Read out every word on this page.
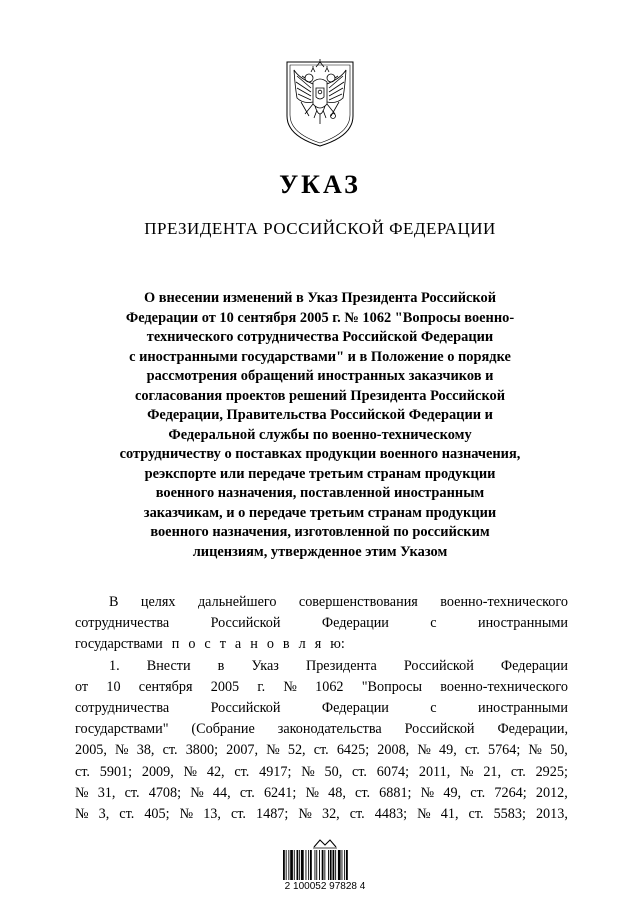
УКАЗ
ПРЕЗИДЕНТА РОССИЙСКОЙ ФЕДЕРАЦИИ
О внесении изменений в Указ Президента Российской
Федерации от 10 сентября 2005 г. № 1062 "Вопросы военно-
технического сотрудничества Российской Федерации
с иностранными государствами" и в Положение о порядке
рассмотрения обращений иностранных заказчиков и
согласования проектов решений Президента Российской
Федерации, Правительства Российской Федерации и
Федеральной службы по военно-техническому
сотрудничеству о поставках продукции военного назначения,
реэкспорте или передаче третьим странам продукции
военного назначения, поставленной иностранным
заказчикам, и о передаче третьим странам продукции
военного назначения, изготовленной по российским
лицензиям, утвержденное этим Указом
В целях дальнейшего совершенствования военно-технического
сотрудничества	Российской	Федерации	с	иностранными
государствами п о с т а н о в л я ю:
1. Внести в Указ Президента Российской Федерации
от 10 сентября 2005 г. № 1062 "Вопросы военно-технического
сотрудничества	Российской	Федерации	с	иностранными
государствами" (Собрание законодательства Российской Федерации,
2005, № 38, ст. 3800; 2007, № 52, ст. 6425; 2008, № 49, ст. 5764; № 50,
ст. 5901; 2009, № 42, ст. 4917; № 50, ст. 6074; 2011, № 21, ст. 2925;
№ 31, ст. 4708; № 44, ст. 6241; № 48, ст. 6881; № 49, ст. 7264; 2012,
№ 3, ст. 405; № 13, ст. 1487; № 32, ст. 4483; № 41, ст. 5583; 2013,
2 100052 97828 4
